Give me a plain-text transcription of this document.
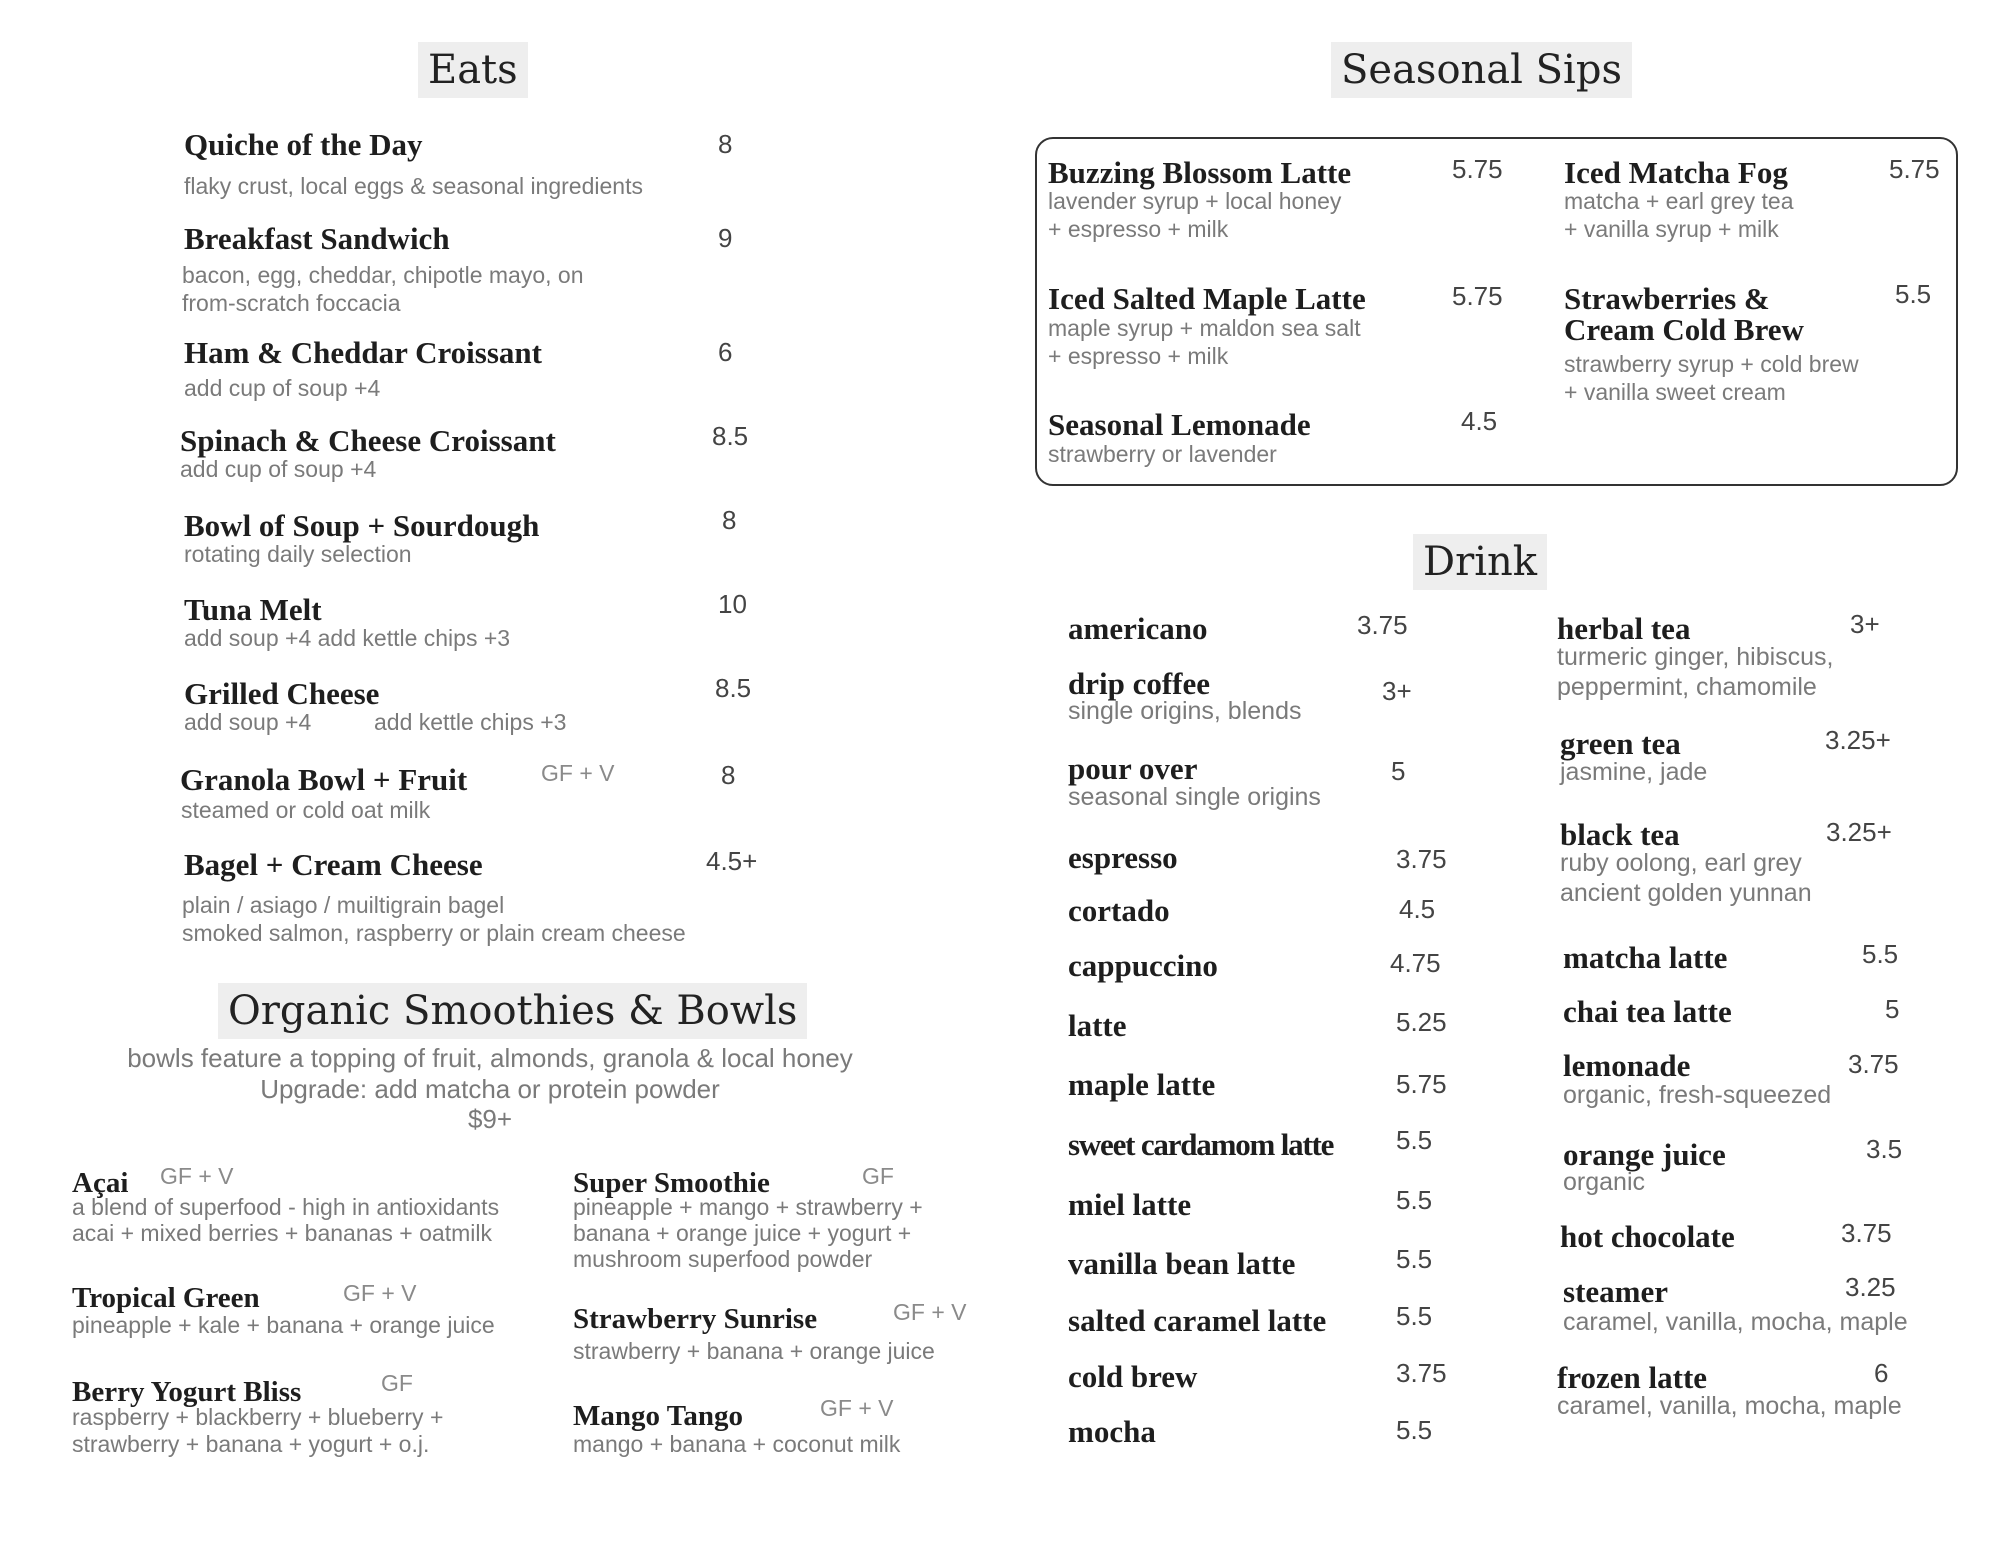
Eats
Quiche of the Day	8
flaky crust, local eggs & seasonal ingredients
Breakfast Sandwich	9
bacon, egg, cheddar, chipotle mayo, on
from-scratch foccacia
Ham & Cheddar Croissant	6
add cup of soup +4
Spinach & Cheese Croissant	8.5
add cup of soup +4
Bowl of Soup + Sourdough	8
rotating daily selection
Tuna Melt	10
add soup +4 add kettle chips +3
Grilled Cheese	8.5
add soup +4	add kettle chips +3
Granola Bowl + Fruit	GF + V	8
steamed or cold oat milk
Bagel + Cream Cheese	4.5+
plain / asiago / muiltigrain bagel
smoked salmon, raspberry or plain cream cheese
Organic Smoothies & Bowls
bowls feature a topping of fruit, almonds, granola & local honey
Upgrade: add matcha or protein powder
$9+
Açai GF + V
a blend of superfood - high in antioxidants
acai + mixed berries + bananas + oatmilk
Tropical Green	GF + V
pineapple + kale + banana + orange juice
Berry Yogurt Bliss	GF
raspberry + blackberry + blueberry +
strawberry + banana + yogurt + o.j.
Super Smoothie	GF
pineapple + mango + strawberry +
banana + orange juice + yogurt +
mushroom superfood powder
Strawberry Sunrise	GF + V
strawberry + banana + orange juice
Mango Tango	GF + V
mango + banana + coconut milk
Seasonal Sips
Buzzing Blossom Latte	5.75
lavender syrup + local honey
+ espresso + milk
Iced Salted Maple Latte	5.75
maple syrup + maldon sea salt
+ espresso + milk
Seasonal Lemonade	4.5
strawberry or lavender
Iced Matcha Fog	5.75
matcha + earl grey tea
+ vanilla syrup + milk
Strawberries &
Cream Cold Brew
5.5
strawberry syrup + cold brew
+ vanilla sweet cream
Drink
americano	3.75
drip coffee	3+
single origins, blends
pour over	5
seasonal single origins
espresso	3.75
cortado	4.5
cappuccino	4.75
latte	5.25
maple latte	5.75
sweet cardamom latte 5.5
miel latte	5.5
vanilla bean latte	5.5
salted caramel latte	5.5
cold brew	3.75
mocha	5.5
herbal tea	3+
turmeric ginger, hibiscus,
peppermint, chamomile
green tea	3.25+
jasmine, jade
black tea	3.25+
ruby oolong, earl grey
ancient golden yunnan
matcha latte	5.5
chai tea latte	5
lemonade	3.75
organic, fresh-squeezed
orange juice	3.5
organic
hot chocolate	3.75
steamer	3.25
caramel, vanilla, mocha, maple
frozen latte	6
caramel, vanilla, mocha, maple
